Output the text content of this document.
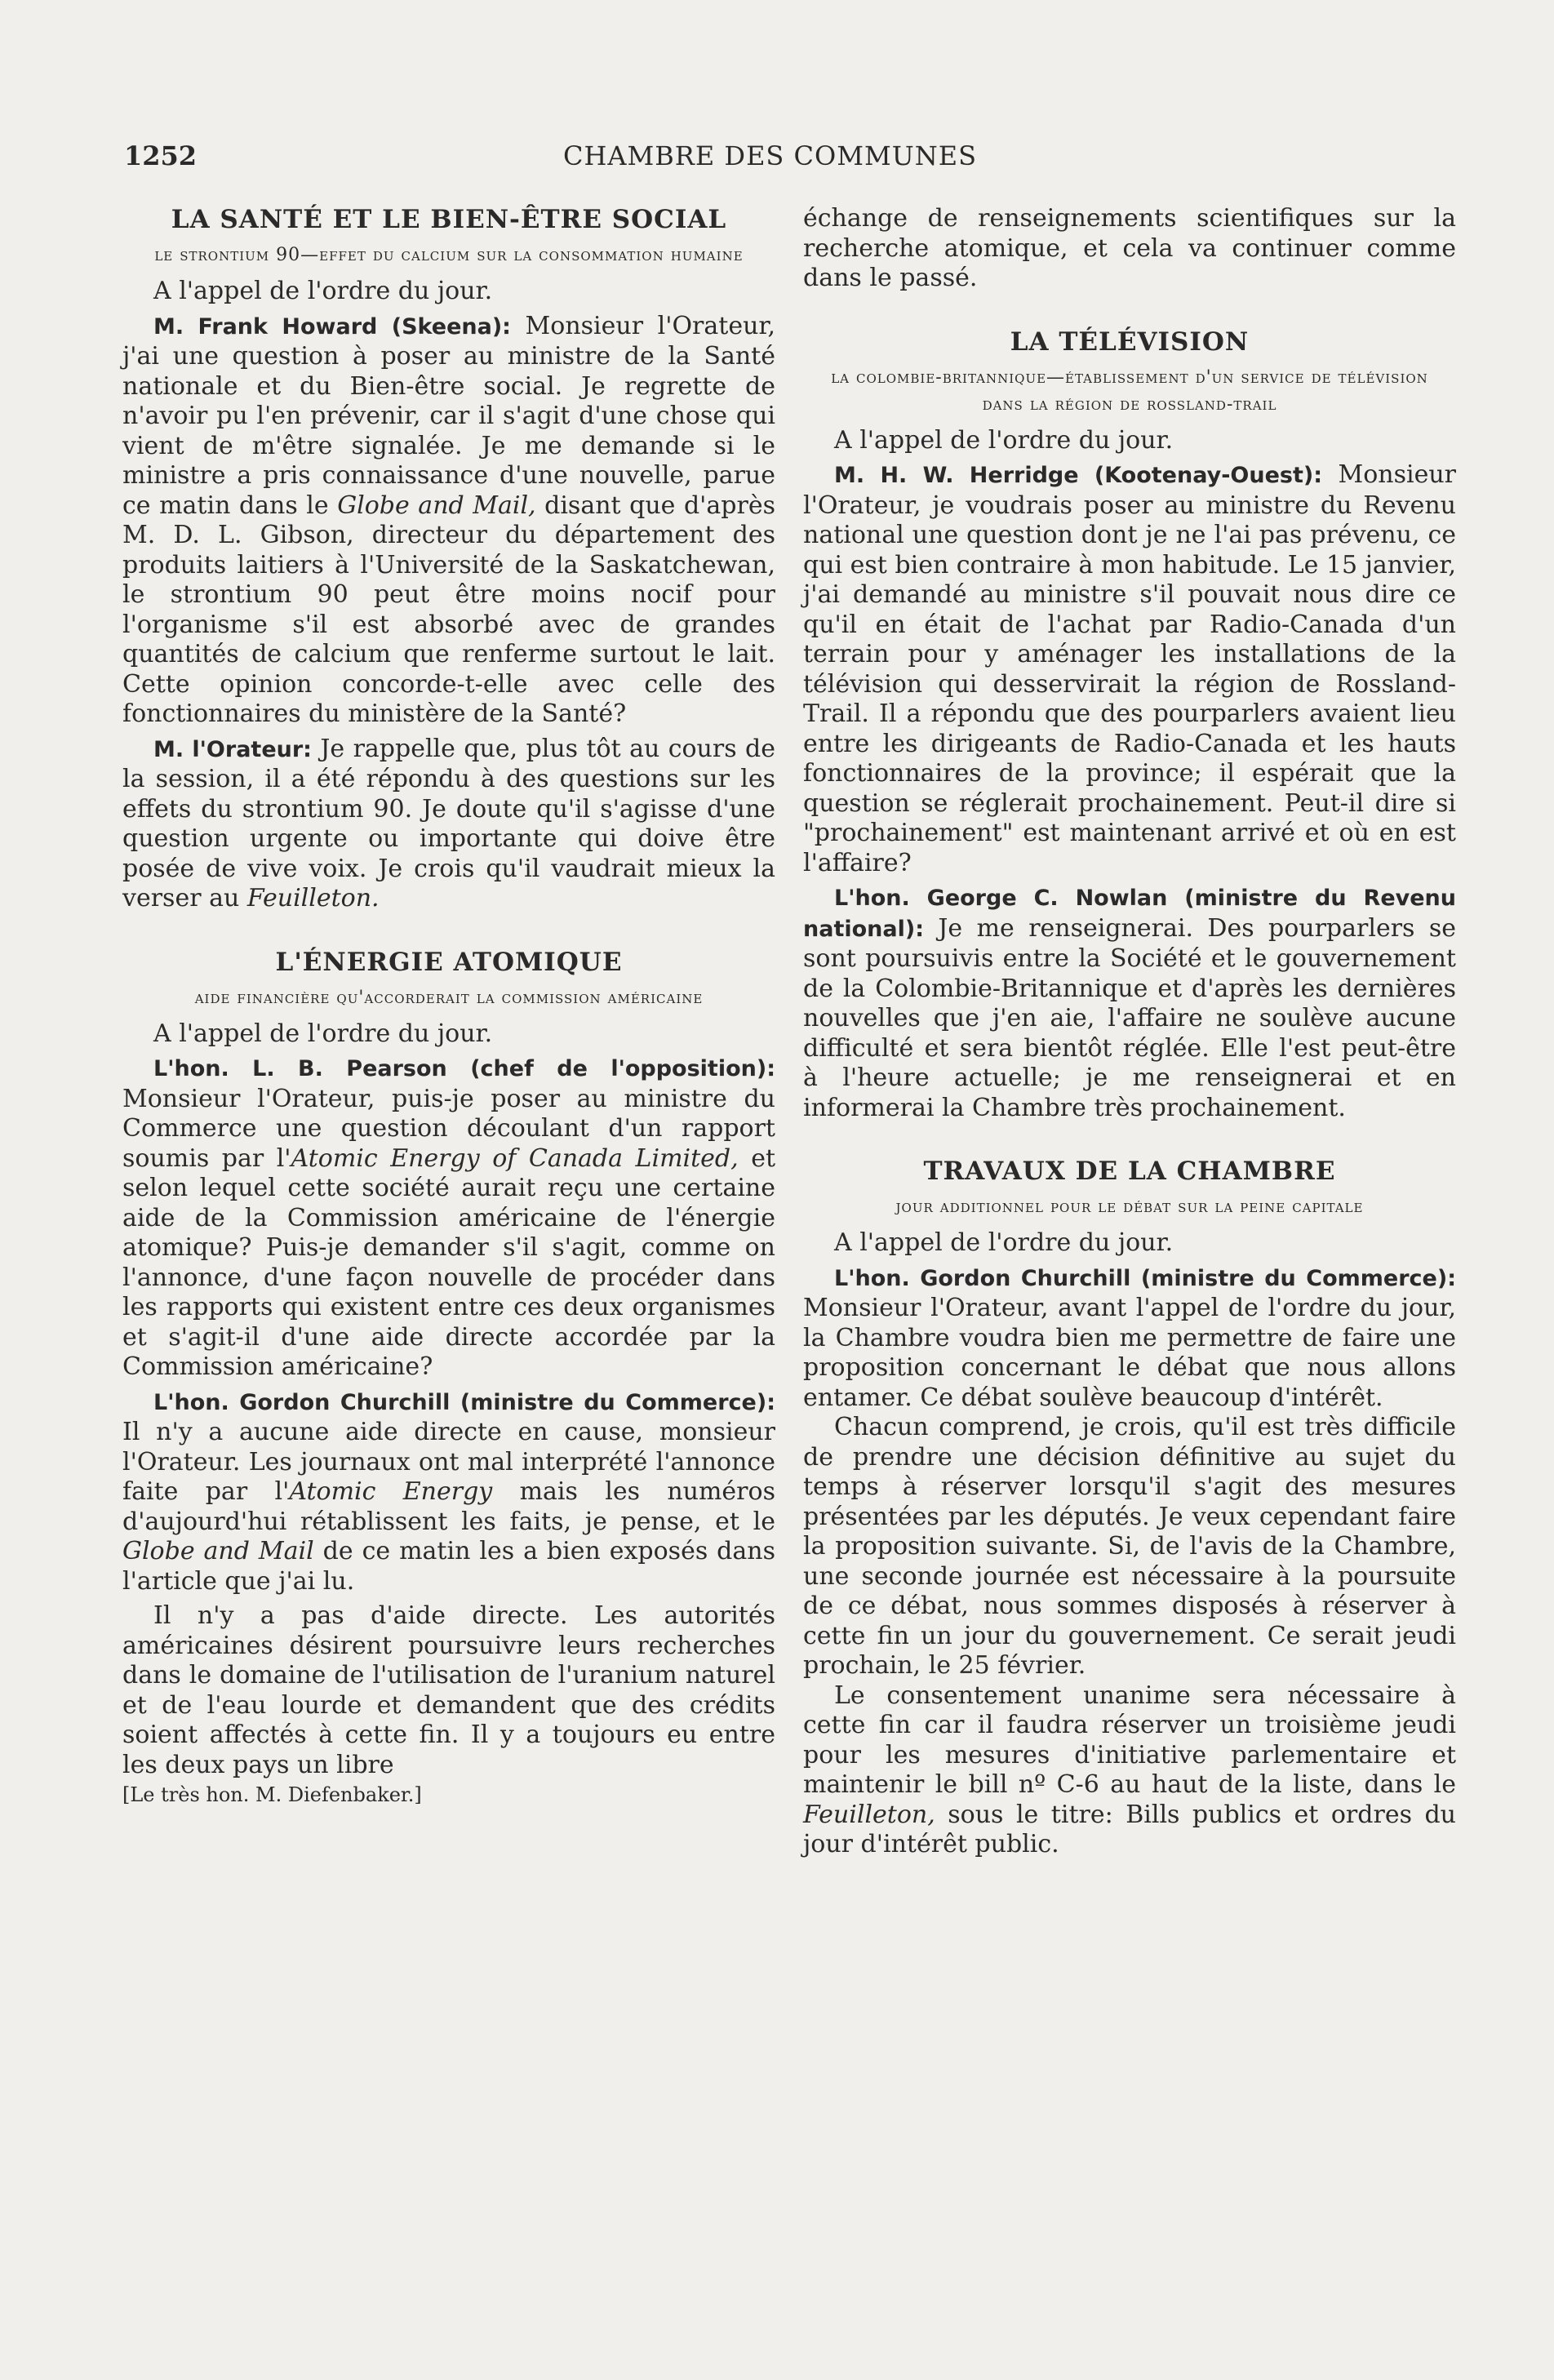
1252	CHAMBRE DES COMMUNES
LA SANTÉ ET LE BIEN-ÊTRE SOCIAL
le strontium 90—effet du calcium sur la consommation humaine

A l'appel de l'ordre du jour.

M. Frank Howard (Skeena): Monsieur l'Orateur, j'ai une question à poser au ministre de la Santé nationale et du Bien-être social. Je regrette de n'avoir pu l'en prévenir, car il s'agit d'une chose qui vient de m'être signalée. Je me demande si le ministre a pris connaissance d'une nouvelle, parue ce matin dans le Globe and Mail, disant que d'après M. D. L. Gibson, directeur du département des produits laitiers à l'Université de la Saskatchewan, le strontium 90 peut être moins nocif pour l'organisme s'il est absorbé avec de grandes quantités de calcium que renferme surtout le lait. Cette opinion concorde-t-elle avec celle des fonctionnaires du ministère de la Santé?

M. l'Orateur: Je rappelle que, plus tôt au cours de la session, il a été répondu à des questions sur les effets du strontium 90. Je doute qu'il s'agisse d'une question urgente ou importante qui doive être posée de vive voix. Je crois qu'il vaudrait mieux la verser au Feuilleton.

L'ÉNERGIE ATOMIQUE
aide financière qu'accorderait la commission américaine

A l'appel de l'ordre du jour.

L'hon. L. B. Pearson (chef de l'opposition): Monsieur l'Orateur, puis-je poser au ministre du Commerce une question découlant d'un rapport soumis par l'Atomic Energy of Canada Limited, et selon lequel cette société aurait reçu une certaine aide de la Commission américaine de l'énergie atomique? Puis-je demander s'il s'agit, comme on l'annonce, d'une façon nouvelle de procéder dans les rapports qui existent entre ces deux organismes et s'agit-il d'une aide directe accordée par la Commission américaine?

L'hon. Gordon Churchill (ministre du Commerce): Il n'y a aucune aide directe en cause, monsieur l'Orateur. Les journaux ont mal interprété l'annonce faite par l'Atomic Energy mais les numéros d'aujourd'hui rétablissent les faits, je pense, et le Globe and Mail de ce matin les a bien exposés dans l'article que j'ai lu.

Il n'y a pas d'aide directe. Les autorités américaines désirent poursuivre leurs recherches dans le domaine de l'utilisation de l'uranium naturel et de l'eau lourde et demandent que des crédits soient affectés à cette fin. Il y a toujours eu entre les deux pays un libre

[Le très hon. M. Diefenbaker.]

échange de renseignements scientifiques sur la recherche atomique, et cela va continuer comme dans le passé.

LA TÉLÉVISION
la colombie-britannique—établissement d'un service de télévision dans la région de rossland-trail

A l'appel de l'ordre du jour.

M. H. W. Herridge (Kootenay-Ouest): Monsieur l'Orateur, je voudrais poser au ministre du Revenu national une question dont je ne l'ai pas prévenu, ce qui est bien contraire à mon habitude. Le 15 janvier, j'ai demandé au ministre s'il pouvait nous dire ce qu'il en était de l'achat par Radio-Canada d'un terrain pour y aménager les installations de la télévision qui desservirait la région de Rossland-Trail. Il a répondu que des pourparlers avaient lieu entre les dirigeants de Radio-Canada et les hauts fonctionnaires de la province; il espérait que la question se réglerait prochainement. Peut-il dire si "prochainement" est maintenant arrivé et où en est l'affaire?

L'hon. George C. Nowlan (ministre du Revenu national): Je me renseignerai. Des pourparlers se sont poursuivis entre la Société et le gouvernement de la Colombie-Britannique et d'après les dernières nouvelles que j'en aie, l'affaire ne soulève aucune difficulté et sera bientôt réglée. Elle l'est peut-être à l'heure actuelle; je me renseignerai et en informerai la Chambre très prochainement.

TRAVAUX DE LA CHAMBRE
jour additionnel pour le débat sur la peine capitale

A l'appel de l'ordre du jour.

L'hon. Gordon Churchill (ministre du Commerce): Monsieur l'Orateur, avant l'appel de l'ordre du jour, la Chambre voudra bien me permettre de faire une proposition concernant le débat que nous allons entamer. Ce débat soulève beaucoup d'intérêt.

Chacun comprend, je crois, qu'il est très difficile de prendre une décision définitive au sujet du temps à réserver lorsqu'il s'agit des mesures présentées par les députés. Je veux cependant faire la proposition suivante. Si, de l'avis de la Chambre, une seconde journée est nécessaire à la poursuite de ce débat, nous sommes disposés à réserver à cette fin un jour du gouvernement. Ce serait jeudi prochain, le 25 février.

Le consentement unanime sera nécessaire à cette fin car il faudra réserver un troisième jeudi pour les mesures d'initiative parlementaire et maintenir le bill nº C-6 au haut de la liste, dans le Feuilleton, sous le titre: Bills publics et ordres du jour d'intérêt public.
